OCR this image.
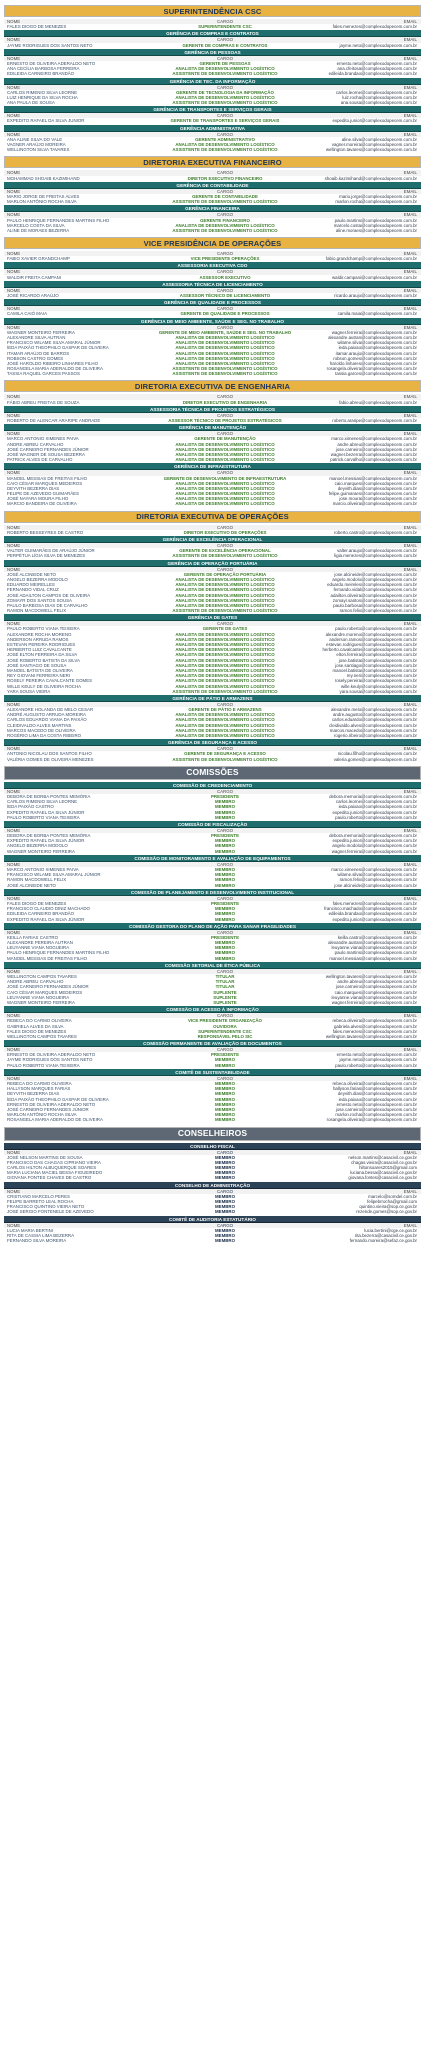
SUPERINTENDÊNCIA CSC
NOME	CARGO	EMAIL
FALES DIOGO DE MENEZES	SUPERINTENDENTE CSC	fales.menezes@complexodopecem.com.br
GERÊNCIA DE COMPRAS E CONTRATOS
NOME	CARGO	EMAIL
JAYME RODRIGUES DOS SANTOS NETO	GERENTE DE COMPRAS E CONTRATOS	jayme.neto@complexodopecem.com.br
GERÊNCIA DE PESSOAS
NOME	CARGO	EMAIL
ERNESTO DE OLIVEIRA ADERALDO NETO	GERENTE DE PESSOAS	ernesto.neto@complexodopecem.com.br
ANA CECÍLIA BARBOSA FERREIRA	ANALISTA DE DESENVOLVIMENTO LOGÍSTICO	ana.cfeitosa@complexodopecem.com.br
EDILEIDA CARNEIRO BRANDÃO	ASSISTENTE DE DESENVOLVIMENTO LOGÍSTICO	edileida.brandao@complexodopecem.com.br
GERÊNCIA DE TEC. DA INFORMAÇÃO
NOME	CARGO	EMAIL
CARLOS RIMENIO SILVA LEORNE	GERENTE DE TECNOLOGIA DA INFORMAÇÃO	carlos.leorne@complexodopecem.com.br
LUIZ HENRIQUE DA SILVA ROCHA	ANALISTA DE DESENVOLVIMENTO LOGÍSTICO	luiz.rocha@complexodopecem.com.br
ANA PAULA DE SOUSA	ASSISTENTE DE DESENVOLVIMENTO LOGÍSTICO	ana.sousa@complexodopecem.com.br
GERÊNCIA DE TRANSPORTES E SERVIÇOS GERAIS
NOME	CARGO	EMAIL
EXPEDITO RAFAEL DA SILVA JUNIOR	GERENTE DE TRANSPORTES E SERVIÇOS GERAIS	expedito.junior@complexodopecem.com.br
GERÊNCIA ADMINISTRATIVA
NOME	CARGO	EMAIL
ANA ALINE SILVA DO VALE	GERENTE ADMINISTRATIVO	aline.silva@complexodopecem.com.br
VAGNER ARAÚJO MOREIRA	ANALISTA DE DESENVOLVIMENTO LOGÍSTICO	vagner.moreira@complexodopecem.com.br
WELLINGTON SILVA TAVARES	ASSISTENTE DE DESENVOLVIMENTO LOGÍSTICO	wellington.tavares@complexodopecem.com.br
DIRETORIA EXECUTIVA FINANCEIRO
NOME	CARGO	EMAIL
MOHAMMAD SHOAIB KAZIMIHAND	DIRETOR EXECUTIVO FINANCEIRO	shoaib.kazimihand@complexodopecem.com.br
GERÊNCIA DE CONTABILIDADE
NOME	CARGO	EMAIL
MARIO JORGE DE FREITAS ALVES	GERENTE DE CONTABILIDADE	mario.jorge@complexodopecem.com.br
MARLON ANTÔNIO ROCHA SILVA	ASSISTENTE DE DESENVOLVIMENTO LOGÍSTICO	marlon.rocha@complexodopecem.com.br
GERÊNCIA FINANCEIRA
NOME	CARGO	EMAIL
PAULO HENRIQUE FERNANDES MARTINS FILHO	GERENTE FINANCEIRO	paulo.martins@complexodopecem.com.br
MARCELO COSTA DA SILVA	ANALISTA DE DESENVOLVIMENTO LOGÍSTICO	marcelo.costa@complexodopecem.com.br
ALINE DE MORAES BEZERRA	ASSISTENTE DE DESENVOLVIMENTO LOGÍSTICO	aline.moraes@complexodopecem.com.br
VICE PRESIDÊNCIA DE OPERAÇÕES
NOME	CARGO	EMAIL
FABIO XAVIER GRANDCHAMP	VICE PRESIDENTE OPERAÇÕES	fabio.grandchamp@complexodopecem.com.br
ASSESSORIA EXECUTIVA CDO
NOME	CARGO	EMAIL
WALDIR FREITA CAMPANI	ASSESSOR EXECUTIVO	waldir.campani@complexodopecem.com.br
ASSESSORIA TÉCNICA DE LICENCIAMENTO
NOME	CARGO	EMAIL
JOSÉ RICARDO ARAÚJO	ASSESSOR TÉCNICO DE LICENCIAMENTO	ricardo.araujo@complexodopecem.com.br
GERÊNCIA DE QUALIDADE E PROCESSOS
NOME	CARGO	EMAIL
CAMILA CAIÓ MAIA	GERENTE DE QUALIDADE E PROCESSOS	camila.maia@complexodopecem.com.br
GERÊNCIA DE MEIO AMBIENTE, SAÚDE E SEG. NO TRABALHO
NOME	CARGO	EMAIL
WAGNER MONTEIRO FERREIRA	GERENTE DE MEIO AMBIENTE, SAÚDE E SEG. NO TRABALHO	wagner.ferreira@complexodopecem.com.br
ALEXANDRE SILVA AUTRAN	ANALISTA DE DESENVOLVIMENTO LOGÍSTICO	alexandre.autran@complexodopecem.com.br
FRANCISCO WILAME SILVA AMARAL JÚNIOR	ANALISTA DE DESENVOLVIMENTO LOGÍSTICO	wilame.silva@complexodopecem.com.br
ÍEDA PAIXÃO THEOPHILO GASPAR DE OLIVEIRA	ANALISTA DE DESENVOLVIMENTO LOGÍSTICO	ieda.paixao@complexodopecem.com.br
ITAMAR ARAÚJO DE BARROS	ANALISTA DE DESENVOLVIMENTO LOGÍSTICO	itamar.araujo@complexodopecem.com.br
ROBSON CASTRO GOMES	ANALISTA DE DESENVOLVIMENTO LOGÍSTICO	robson.gomes@complexodopecem.com.br
JOSÉ HAROLDO RIBEIRO LINHARES FILHO	ANALISTA DE DESENVOLVIMENTO LOGÍSTICO	haroldo.linhares@complexodopecem.com.br
ROSANGELA MARIA ADERALDO DE OLIVEIRA	ASSISTENTE DE DESENVOLVIMENTO LOGÍSTICO	rosangela.oliveira@complexodopecem.com.br
TASSIA RAQUEL GARCES PASSOS	ASSISTENTE DE DESENVOLVIMENTO LOGÍSTICO	tassia.garces@complexodopecem.com.br
DIRETORIA EXECUTIVA DE ENGENHARIA
NOME	CARGO	EMAIL
FÁBIO ABREU FREITAS DE SOUZA	DIRETOR EXECUTIVO DE ENGENHARIA	fabio.abreu@complexodopecem.com.br
ASSESSORIA TÉCNICA DE PROJETOS ESTRATÉGICOS
NOME	CARGO	EMAIL
ROBERTO DE ALENCAR ARARIPE ANDRADE	ASSESSOR TÉCNICO DE PROJETOS ESTRATÉGICOS	roberto.araripe@complexodopecem.com.br
GERÊNCIA DE MANUTENÇÃO
NOME	CARGO	EMAIL
MARCO ANTONIO XIMENES PAIVA	GERENTE DE MANUTENÇÃO	marco.ximenes@complexodopecem.com.br
ANDRE ABREU CARVALHO	ANALISTA DE DESENVOLVIMENTO LOGÍSTICO	andre.abreu@complexodopecem.com.br
JOSÉ CARNEIRO FERNANDES JÚNIOR	ANALISTA DE DESENVOLVIMENTO LOGÍSTICO	jose.carneiro@complexodopecem.com.br
JOSÉ WAGNER DE SOUSA BEZERRA	ANALISTA DE DESENVOLVIMENTO LOGÍSTICO	wagner.bezerra@complexodopecem.com.br
PATRICK ALVES DE CARVALHO	ANALISTA DE DESENVOLVIMENTO LOGÍSTICO	patrick.carvalho@complexodopecem.com.br
GERÊNCIA DE INFRAESTRUTURA
NOME	CARGO	EMAIL
MANOEL MESSIAS DE FREITAS FILHO	GERENTE DE DESENVOLVIMENTO DE INFRAESTRUTURA	manoel.messias@complexodopecem.com.br
CAIO CÉSAR MARQUES MEDEIROS	ANALISTA DE DESENVOLVIMENTO LOGÍSTICO	caio.marques@complexodopecem.com.br
DEYVITH BEZERRA DIAS	ANALISTA DE DESENVOLVIMENTO LOGÍSTICO	deyvith.dias@complexodopecem.com.br
FELIPE DE AZEVEDO GUIMARÃES	ANALISTA DE DESENVOLVIMENTO LOGÍSTICO	felipe.guimaraes@complexodopecem.com.br
JOSÉ NAYARA MOURA FILHO	ANALISTA DE DESENVOLVIMENTO LOGÍSTICO	jose.moura@complexodopecem.com.br
MARCIO BANDEIRA DE OLIVEIRA	ANALISTA DE DESENVOLVIMENTO LOGÍSTICO	marcio.oliveira@complexodopecem.com.br
DIRETORIA EXECUTIVA DE OPERAÇÕES
NOME	CARGO	EMAIL
ROBERTO BESSEYRES DE CASTRO	DIRETOR EXECUTIVO DE OPERAÇÕES	roberto.castro@complexodopecem.com.br
GERÊNCIA DE EXCELÊNCIA OPERACIONAL
NOME	CARGO	EMAIL
VALTER GUIMARÃES DE ARAÚJO JÚNIOR	GERENTE DE EXCELÊNCIA OPERACIONAL	valter.araujo@complexodopecem.com.br
PERPÉTUA LÍGIA SILVA DE MENEZES	ASSISTENTE DE DESENVOLVIMENTO LOGÍSTICO	ligia.menezes@complexodopecem.com.br
GERÊNCIA DE OPERAÇÃO PORTUÁRIA
NOME	CARGO	EMAIL
JOSÉ ALCINEIDE NETO	GERENTE DE OPERAÇÃO PORTUÁRIA	jose.alcineide@complexodopecem.com.br
ANGELO BEZERRA MODOLO	ANALISTA DE DESENVOLVIMENTO LOGÍSTICO	angelo.modolo@complexodopecem.com.br
EDUARDO MEIRELLES	ANALISTA DE DESENVOLVIMENTO LOGÍSTICO	eduardo.meireles@complexodopecem.com.br
FERNANDO VIDAL CRUZ	ANALISTA DE DESENVOLVIMENTO LOGÍSTICO	fernando.vidal@complexodopecem.com.br
JOSÉ ADAILTON CAMPOS DE OLIVEIRA	ANALISTA DE DESENVOLVIMENTO LOGÍSTICO	adailton.oliveira@complexodopecem.com.br
ZOMAYR DOS SANTOS SOUSA	ANALISTA DE DESENVOLVIMENTO LOGÍSTICO	zomayr.santos@complexodopecem.com.br
PAULO BARBOSA DIAS DE CARVALHO	ANALISTA DE DESENVOLVIMENTO LOGÍSTICO	paulo.barbosa@complexodopecem.com.br
RAMON MACDOWELL FELIX	ASSISTENTE DE DESENVOLVIMENTO LOGÍSTICO	ramon.felix@complexodopecem.com.br
GERÊNCIA DE GATES
NOME	CARGO	EMAIL
PAULO ROBERTO VIANA TEIXEIRA	GERENTE DE GATES	paulo.roberto@complexodopecem.com.br
ALEXANDRE ROCHA MORENO	ANALISTA DE DESENVOLVIMENTO LOGÍSTICO	alexandre.moreno@complexodopecem.com.br
ANDERSON ARRUDA RAMOS	ANALISTA DE DESENVOLVIMENTO LOGÍSTICO	anderson.ramos@complexodopecem.com.br
ESTEVAN PEREIRA RODRIGUES	ANALISTA DE DESENVOLVIMENTO LOGÍSTICO	estevan.rodrigues@complexodopecem.com.br
HERBERTO LUIZ CAVALCANTE	ANALISTA DE DESENVOLVIMENTO LOGÍSTICO	herberto.cavalcante@complexodopecem.com.br
JOSÉ ELTON FERREIRA DA SILVA	ANALISTA DE DESENVOLVIMENTO LOGÍSTICO	elton.ferreira@complexodopecem.com.br
JOSÉ ROBERTO BATISTA DA SILVA	ANALISTA DE DESENVOLVIMENTO LOGÍSTICO	jose.batista@complexodopecem.com.br
JOSÉ SANTIAGO DE SOUSA	ANALISTA DE DESENVOLVIMENTO LOGÍSTICO	jose.santiago@complexodopecem.com.br
MANOEL BATISTA DE OLIVEIRA	ANALISTA DE DESENVOLVIMENTO LOGÍSTICO	manoel.batista@complexodopecem.com.br
REY GIOVANI FERREIRA NERI	ANALISTA DE DESENVOLVIMENTO LOGÍSTICO	rey.neri@complexodopecem.com.br
ROSELY PEREIRA CAVALCANTE GOMES	ANALISTA DE DESENVOLVIMENTO LOGÍSTICO	rosely.pereira@complexodopecem.com.br
WILLE KEULY DE OLIVEIRA ROCHA	ANALISTA DE DESENVOLVIMENTO LOGÍSTICO	wille.keuly@complexodopecem.com.br
YARA SOUSA VIEIRA	ASSISTENTE DE DESENVOLVIMENTO LOGÍSTICO	yara.sousa@complexodopecem.com.br
GERÊNCIA DE PÁTIO E ARMAZENS
NOME	CARGO	EMAIL
ALEXANDRE HOLANDA DE MELO CESAR	GERENTE DE PÁTIO E ARMAZENS	alexandre.melo@complexodopecem.com.br
ANDRÉ AUGUSTO ARRUDA MOREIRA	ANALISTA DE DESENVOLVIMENTO LOGÍSTICO	andre.augusto@complexodopecem.com.br
CARLOS EDUARDO VIANA DA PAIXÃO	ANALISTA DE DESENVOLVIMENTO LOGÍSTICO	carlos.eduardo@complexodopecem.com.br
CLEIDIVALDO ALVES MARTINS	ANALISTA DE DESENVOLVIMENTO LOGÍSTICO	cleidivaldo.alves@complexodopecem.com.br
MARCOS MACEDO DE OLIVEIRA	ANALISTA DE DESENVOLVIMENTO LOGÍSTICO	marcos.macedo@complexodopecem.com.br
ROGÉRIO LIMA DA COSTA RIBEIRO	ANALISTA DE DESENVOLVIMENTO LOGÍSTICO	rogerio.ribeiro@complexodopecem.com.br
GERÊNCIA DE SEGURANÇA E ACESSO
NOME	CARGO	EMAIL
ANTONIO NICOLAU DOS SANTOS FILHO	GERENTE DE SEGURANÇA E ACESSO	nicolau.filho@complexodopecem.com.br
VALÉRIA GOMES DE OLIVEIRA MENEZES	ASSISTENTE DE DESENVOLVIMENTO LOGÍSTICO	valeria.gomes@complexodopecem.com.br
COMISSÕES
COMISSÃO DE CREDENCIAMENTO
NOME	CARGO	EMAIL
DEBORA DE BORBA PONTES MEMÓRIA	PRESIDENTE	debora.memoria@complexodopecem.com.br
CARLOS RIMENIO SILVA LEORNE	MEMBRO	carlos.leorne@complexodopecem.com.br
ÍEDA PAIXÃO CASTRO	MEMBRO	ieda.paixao@complexodopecem.com.br
EXPEDITO RAFAEL DA SILVA JÚNIOR	MEMBRO	expedito.junior@complexodopecem.com.br
PAULO ROBERTO VIANA TEIXEIRA	MEMBRO	paulo.roberto@complexodopecem.com.br
COMISSÃO DE FISCALIZAÇÃO
NOME	CARGO	EMAIL
DEBORA DE BORBA PONTES MEMÓRIA	PRESIDENTE	debora.memoria@complexodopecem.com.br
EXPEDITO RAFAEL DA SILVA JÚNIOR	MEMBRO	expedito.junior@complexodopecem.com.br
ANGELO BEZERRA MODOLO	MEMBRO	angelo.modolo@complexodopecem.com.br
WAGNER MONTEIRO FERREIRA	MEMBRO	wagner.ferreira@complexodopecem.com.br
COMISSÃO DE MONITORAMENTO E AVALIAÇÃO DE EQUIPAMENTOS
NOME	CARGO	EMAIL
MARCO ANTONIO XIMENES PAIVA	MEMBRO	marco.ximenes@complexodopecem.com.br
FRANCISCO WILAME SILVA AMARAL JÚNIOR	MEMBRO	wilame.silva@complexodopecem.com.br
RAMON MACDOWELL FELIX	MEMBRO	ramon.felix@complexodopecem.com.br
JOSÉ ALCINEIDE NETO	MEMBRO	jose.alcineide@complexodopecem.com.br
COMISSÃO DE PLANEJAMENTO E DESENVOLVIMENTO INSTITUCIONAL
NOME	CARGO	EMAIL
FALES DIOGO DE MENEZES	PRESIDENTE	fales.menezes@complexodopecem.com.br
FRANCISCO CLAUDIO DINIZ MACHADO	MEMBRO	francisco.machado@complexodopecem.com.br
EDILEIDA CARNEIRO BRANDÃO	MEMBRO	edileida.brandao@complexodopecem.com.br
EXPEDITO RAFAEL DA SILVA JÚNIOR	MEMBRO	expedito.junior@complexodopecem.com.br
COMISSÃO GESTORA DO PLANO DE AÇÃO PARA SANAR FRAGILIDADES
NOME	CARGO	EMAIL
KEILLA FARIAS CASTRO	PRESIDENTE	keilla.castro@complexodopecem.com.br
ALEXANDRE PEREIRA AUTRAN	MEMBRO	alexandre.autran@complexodopecem.com.br
LEUYANNE VIANA NOGUEIRA	MEMBRO	leuyanne.viana@complexodopecem.com.br
PAULO HENRIQUE FERNANDES MARTINS FILHO	MEMBRO	paulo.martins@complexodopecem.com.br
MANOEL MESSIAS DE FREITAS FILHO	MEMBRO	manoel.messias@complexodopecem.com.br
COMISSÃO SETORIAL DE ÉTICA PÚBLICA
NOME	CARGO	EMAIL
WELLINGTON CAMPOS TAVARES	TITULAR	wellington.tavares@complexodopecem.com.br
ANDRE ABREU CARVALHO	TITULAR	andre.abreu@complexodopecem.com.br
JOSÉ CARNEIRO FERNANDES JÚNIOR	TITULAR	jose.carneiro@complexodopecem.com.br
CAIO CÉSAR MARQUES MEDEIROS	SUPLENTE	caio.marques@complexodopecem.com.br
LEUYANNE VIANA NOGUEIRA	SUPLENTE	leuyanne.viana@complexodopecem.com.br
WAGNER MONTEIRO FERREIRA	SUPLENTE	wagner.ferreira@complexodopecem.com.br
COMISSÃO DE ACESSO À INFORMAÇÃO
NOME	CARGO	EMAIL
REBECA DO CARMO OLIVEIRA	VICE PRESIDENTE ORGANIZAÇÃO	rebeca.oliveira@complexodopecem.com.br
GABRIELA ALVES DA SILVA	OUVIDORA	gabriela.alves@complexodopecem.com.br
FALES DIOGO DE MENEZES	SUPERINTENDENTE CSC	fales.menezes@complexodopecem.com.br
WELLINGTON CAMPOS TAVARES	RESPONSÁVEL PELO SIC	wellington.tavares@complexodopecem.com.br
COMISSÃO PERMANENTE DE AVALIAÇÃO DE DOCUMENTOS
NOME	CARGO	EMAIL
ERNESTO DE OLIVEIRA ADERALDO NETO	PRESIDENTE	ernesto.neto@complexodopecem.com.br
JAYME RODRIGUES DOS SANTOS NETO	MEMBRO	jayme.neto@complexodopecem.com.br
PAULO ROBERTO VIANA TEIXEIRA	MEMBRO	paulo.roberto@complexodopecem.com.br
COMITÊ DE SUSTENTABILIDADE
NOME	CARGO	EMAIL
REBECA DO CARMO OLIVEIRA	MEMBRO	rebeca.oliveira@complexodopecem.com.br
HALLYSON MARQUES FARIAS	MEMBRO	hallyson.farias@complexodopecem.com.br
DEYVITH BEZERRA DIAS	MEMBRO	deyvith.dias@complexodopecem.com.br
ÍEDA PAIXÃO THEOPHILO GASPAR DE OLIVEIRA	MEMBRO	ieda.paixao@complexodopecem.com.br
ERNESTO DE OLIVEIRA ADERALDO NETO	MEMBRO	ernesto.neto@complexodopecem.com.br
JOSÉ CARNEIRO FERNANDES JÚNIOR	MEMBRO	jose.carneiro@complexodopecem.com.br
MARLON ANTÔNIO ROCHA SILVA	MEMBRO	marlon.rocha@complexodopecem.com.br
ROSANGELA MARIA ADERALDO DE OLIVEIRA	MEMBRO	rosangela.oliveira@complexodopecem.com.br
CONSELHEIROS
CONSELHO FISCAL
NOME	CARGO	EMAIL
JOSÉ NELSON MARTINS DE SOUSA	MEMBRO	nelson.martins@casacivil.ce.gov.br
FRANCISCO DAS CHAGAS CIPRIANO VIEIRA	MEMBRO	chagas.vieira@casacivil.ce.gov.br
CARLOS HILTON ALBUQUERQUE SOARES	MEMBRO	hiltonsoares2015@gmail.com
MARIA LUCIANA MACIEL BESSA FIGUEIREDO	MEMBRO	luciana.bessa@casacivil.ce.gov.br
GIOVANA FONTES CHAVES DE CASTRO	MEMBRO	giovana.fontes@casacivil.ce.gov.br
CONSELHO DE ADMINISTRAÇÃO
NOME	CARGO	EMAIL
CRISTIANO MARCELO PERES	MEMBRO	marcelo@somdel.com.br
FELIPE BARRETO LEAL ROCHA	MEMBRO	felipebrrocha@gmail.com
FRANCISCO QUINTINO VIEIRA NETO	MEMBRO	quintino.vieira@sop.ce.gov.br
JOSÉ SERGIO FONTENELE DE AZEVEDO	MEMBRO	rezende.gomes@sop.ce.gov.br
COMITÊ DE AUDITORIA ESTATUTÁRIO
NOME	CARGO	EMAIL
LUCIA MARIA BERTINI	MEMBRO	lucia.bertini@cge.ce.gov.br
RITA DE CASSIA LIMA BEZERRA	MEMBRO	rita.bezerra@casacivil.ce.gov.br
FERNANDO SILVA MOREIRA	MEMBRO	fernando.moreira@sefaz.ce.gov.br
